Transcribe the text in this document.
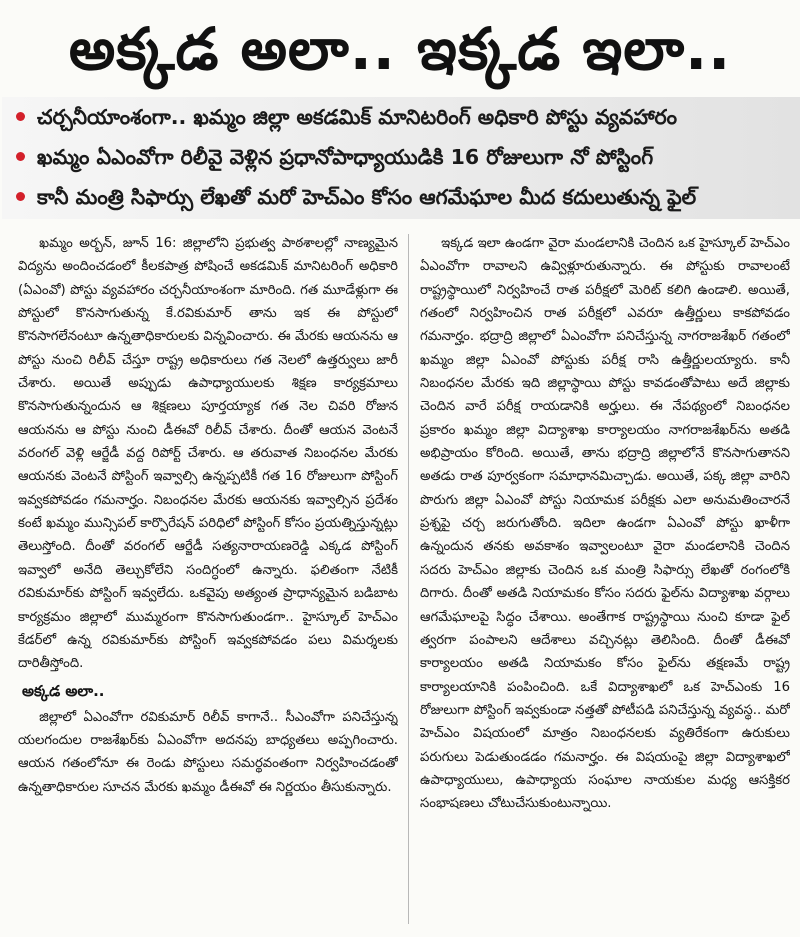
అక్కడ అలా.. ఇక్కడ ఇలా..
చర్చనీయాంశంగా.. ఖమ్మం జిల్లా అకడమిక్ మానిటరింగ్ అధికారి పోస్టు వ్యవహారం
ఖమ్మం ఏఎంవోగా రిలీవై వెళ్లిన ప్రధానోపాధ్యాయుడికి 16 రోజులుగా నో పోస్టింగ్
కానీ మంత్రి సిఫార్సు లేఖతో మరో హెచ్ఎం కోసం ఆగమేఘాల మీద కదులుతున్న ఫైల్

ఖమ్మం అర్బన్, జూన్ 16: జిల్లాలోని ప్రభుత్వ పాఠశాలల్లో నాణ్యమైన విద్యను అందించడంలో కీలకపాత్ర పోషించే అకడమిక్ మానిటరింగ్ అధికారి (ఏఎంవో) పోస్టు వ్యవహారం చర్చనీయాంశంగా మారింది. గత మూడేళ్లుగా ఈ పోస్టులో కొనసాగుతున్న కే.రవికుమార్ తాను ఇక ఈ పోస్టులో కొనసాగలేనంటూ ఉన్నతాధికారులకు విన్నవించారు. ఈ మేరకు ఆయనను ఆ పోస్టు నుంచి రిలీవ్ చేస్తూ రాష్ట్ర అధికారులు గత నెలలో ఉత్తర్వులు జారీ చేశారు. అయితే అప్పుడు ఉపాధ్యాయులకు శిక్షణ కార్యక్రమాలు కొనసాగుతున్నందున ఆ శిక్షణలు పూర్తయ్యాక గత నెల చివరి రోజున ఆయనను ఆ పోస్టు నుంచి డీఈవో రిలీవ్ చేశారు. దీంతో ఆయన వెంటనే వరంగల్ వెళ్లి ఆర్జేడీ వద్ద రిపోర్ట్ చేశారు. ఆ తరువాత నిబంధనల మేరకు ఆయనకు వెంటనే పోస్టింగ్ ఇవ్వాల్సి ఉన్నప్పటికీ గత 16 రోజులుగా పోస్టింగ్ ఇవ్వకపోవడం గమనార్హం. నిబంధనల మేరకు ఆయనకు ఇవ్వాల్సిన ప్రదేశం కంటే ఖమ్మం మున్సిపల్ కార్పొరేషన్ పరిధిలో పోస్టింగ్ కోసం ప్రయత్నిస్తున్నట్లు తెలుస్తోంది. దీంతో వరంగల్ ఆర్జేడీ సత్యనారాయణరెడ్డి ఎక్కడ పోస్టింగ్ ఇవ్వాలో అనేది తెల్చుకోలేని సందిగ్ధంలో ఉన్నారు. ఫలితంగా నేటికీ రవికుమార్‌కు పోస్టింగ్ ఇవ్వలేదు. ఒకవైపు అత్యంత ప్రాధాన్యమైన బడిబాట కార్యక్రమం జిల్లాలో ముమ్మరంగా కొనసాగుతుండగా.. హైస్కూల్ హెచ్ఎం కేడర్‌లో ఉన్న రవికుమార్‌కు పోస్టింగ్ ఇవ్వకపోవడం పలు విమర్శలకు దారితీస్తోంది.

అక్కడ అలా..

జిల్లాలో ఏఎంవోగా రవికుమార్ రిలీవ్ కాగానే.. సీఎంవోగా పనిచేస్తున్న యలగందుల రాజశేఖర్‌కు ఏఎంవోగా అదనపు బాధ్యతలు అప్పగించారు. ఆయన గతంలోనూ ఈ రెండు పోస్టులు సమర్థవంతంగా నిర్వహించడంతో ఉన్నతాధికారుల సూచన మేరకు ఖమ్మం డీఈవో ఈ నిర్ణయం తీసుకున్నారు.

ఇక్కడ ఇలా ఉండగా వైరా మండలానికి చెందిన ఒక హైస్కూల్ హెచ్ఎం ఏఎంవోగా రావాలని ఉవ్విళ్లూరుతున్నారు. ఈ పోస్టుకు రావాలంటే రాష్ట్రస్థాయిలో నిర్వహించే రాత పరీక్షలో మెరిట్ కలిగి ఉండాలి. అయితే, గతంలో నిర్వహించిన రాత పరీక్షలో ఎవరూ ఉత్తీర్ణులు కాకపోవడం గమనార్హం. భద్రాద్రి జిల్లాలో ఏఎంవోగా పనిచేస్తున్న నాగరాజశేఖర్ గతంలో ఖమ్మం జిల్లా ఏఎంవో పోస్టుకు పరీక్ష రాసి ఉత్తీర్ణులయ్యారు. కానీ నిబంధనల మేరకు ఇది జిల్లాస్థాయి పోస్టు కావడంతోపాటు అదే జిల్లాకు చెందిన వారే పరీక్ష రాయడానికి అర్హులు. ఈ నేపథ్యంలో నిబంధనల ప్రకారం ఖమ్మం జిల్లా విద్యాశాఖ కార్యాలయం నాగరాజశేఖర్‌ను అతడి అభిప్రాయం కోరింది. అయితే, తాను భద్రాద్రి జిల్లాలోనే కొనసాగుతానని అతడు రాత పూర్వకంగా సమాధానమిచ్చాడు. అయితే, పక్క జిల్లా వారిని పొరుగు జిల్లా ఏఎంవో పోస్టు నియామక పరీక్షకు ఎలా అనుమతించారనే ప్రశ్నపై చర్చ జరుగుతోంది. ఇదిలా ఉండగా ఏఎంవో పోస్టు ఖాళీగా ఉన్నందున తనకు అవకాశం ఇవ్వాలంటూ వైరా మండలానికి చెందిన సదరు హెచ్ఎం జిల్లాకు చెందిన ఒక మంత్రి సిఫార్సు లేఖతో రంగంలోకి దిగారు. దీంతో అతడి నియామకం కోసం సదరు ఫైల్‌ను విద్యాశాఖ వర్గాలు ఆగమేఘాలపై సిద్ధం చేశాయి. అంతేగాక రాష్ట్రస్థాయి నుంచి కూడా ఫైల్ త్వరగా పంపాలని ఆదేశాలు వచ్చినట్లు తెలిసింది. దీంతో డీఈవో కార్యాలయం అతడి నియామకం కోసం ఫైల్‌ను తక్షణమే రాష్ట్ర కార్యాలయానికి పంపించింది. ఒకే విద్యాశాఖలో ఒక హెచ్ఎంకు 16 రోజులుగా పోస్టింగ్ ఇవ్వకుండా నత్తతో పోటీపడి పనిచేస్తున్న వ్యవస్థ.. మరో హెచ్ఎం విషయంలో మాత్రం నిబంధనలకు వ్యతిరేకంగా ఉరుకులు పరుగులు పెడుతుండడం గమనార్హం. ఈ విషయంపై జిల్లా విద్యాశాఖలో ఉపాధ్యాయులు, ఉపాధ్యాయ సంఘాల నాయకుల మధ్య ఆసక్తికర సంభాషణలు చోటుచేసుకుంటున్నాయి.
